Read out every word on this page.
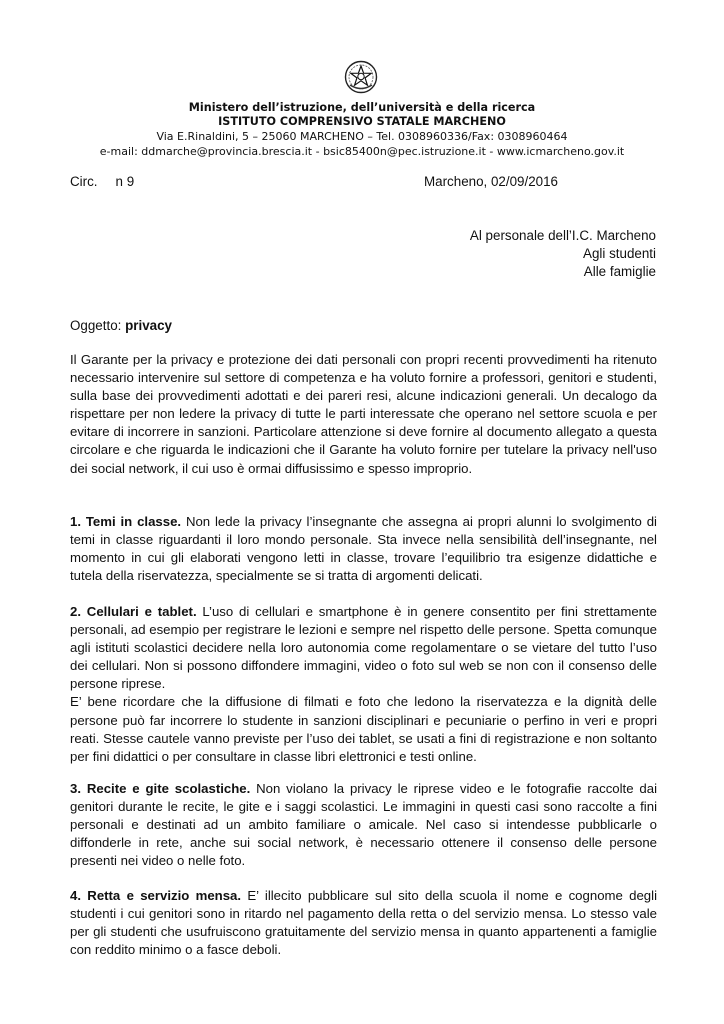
Ministero dell’istruzione, dell’università e della ricerca
ISTITUTO COMPRENSIVO STATALE MARCHENO
Via E.Rinaldini, 5 – 25060 MARCHENO – Tel. 0308960336/Fax: 0308960464
e-mail: ddmarche@provincia.brescia.it - bsic85400n@pec.istruzione.it - www.icmarcheno.gov.it
Circ. n 9	Marcheno, 02/09/2016
Al personale dell’I.C. Marcheno
Agli studenti
Alle famiglie
Oggetto: privacy
Il Garante per la privacy e protezione dei dati personali con propri recenti provvedimenti ha ritenuto necessario intervenire sul settore di competenza e ha voluto fornire a professori, genitori e studenti, sulla base dei provvedimenti adottati e dei pareri resi, alcune indicazioni generali. Un decalogo da rispettare per non ledere la privacy di tutte le parti interessate che operano nel settore scuola e per evitare di incorrere in sanzioni. Particolare attenzione si deve fornire al documento allegato a questa circolare e che riguarda le indicazioni che il Garante ha voluto fornire per tutelare la privacy nell'uso dei social network, il cui uso è ormai diffusissimo e spesso improprio.
1. Temi in classe. Non lede la privacy l’insegnante che assegna ai propri alunni lo svolgimento di temi in classe riguardanti il loro mondo personale. Sta invece nella sensibilità dell’insegnante, nel momento in cui gli elaborati vengono letti in classe, trovare l’equilibrio tra esigenze didattiche e tutela della riservatezza, specialmente se si tratta di argomenti delicati.
2. Cellulari e tablet. L’uso di cellulari e smartphone è in genere consentito per fini strettamente personali, ad esempio per registrare le lezioni e sempre nel rispetto delle persone. Spetta comunque agli istituti scolastici decidere nella loro autonomia come regolamentare o se vietare del tutto l’uso dei cellulari. Non si possono diffondere immagini, video o foto sul web se non con il consenso delle persone riprese.
E’ bene ricordare che la diffusione di filmati e foto che ledono la riservatezza e la dignità delle persone può far incorrere lo studente in sanzioni disciplinari e pecuniarie o perfino in veri e propri reati. Stesse cautele vanno previste per l’uso dei tablet, se usati a fini di registrazione e non soltanto per fini didattici o per consultare in classe libri elettronici e testi online.
3. Recite e gite scolastiche. Non violano la privacy le riprese video e le fotografie raccolte dai genitori durante le recite, le gite e i saggi scolastici. Le immagini in questi casi sono raccolte a fini personali e destinati ad un ambito familiare o amicale. Nel caso si intendesse pubblicarle o diffonderle in rete, anche sui social network, è necessario ottenere il consenso delle persone presenti nei video o nelle foto.
4. Retta e servizio mensa. E’ illecito pubblicare sul sito della scuola il nome e cognome degli studenti i cui genitori sono in ritardo nel pagamento della retta o del servizio mensa. Lo stesso vale per gli studenti che usufruiscono gratuitamente del servizio mensa in quanto appartenenti a famiglie con reddito minimo o a fasce deboli.
